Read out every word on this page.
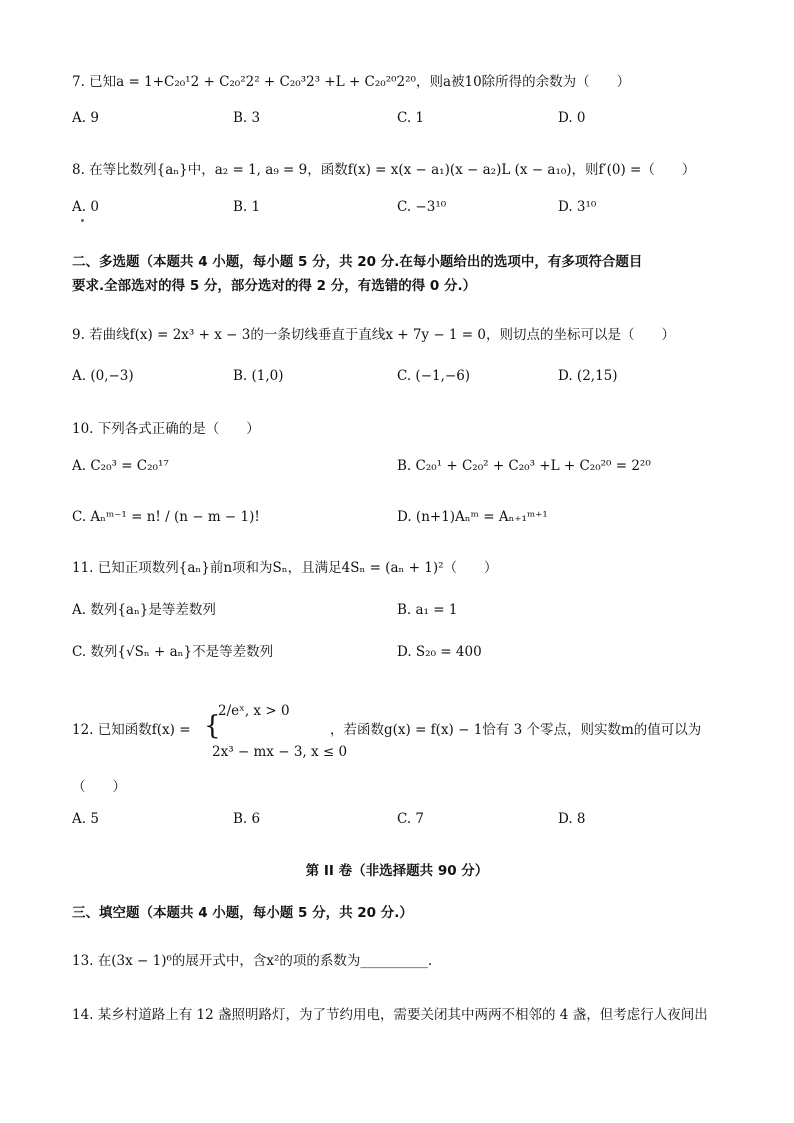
7. 已知a = 1+C₂₀¹2 + C₂₀²2² + C₂₀³2³ +L + C₂₀²⁰2²⁰，则a被10除所得的余数为（　　）
A. 9	B. 3	C. 1	D. 0
8. 在等比数列{aₙ}中，a₂ = 1, a₉ = 9，函数f(x) = x(x − a₁)(x − a₂)L (x − a₁₀)，则f′(0) =（　　）
A. 0	B. 1	C. −3¹⁰	D. 3¹⁰
二、多选题（本题共 4 小题，每小题 5 分，共 20 分.在每小题给出的选项中，有多项符合题目
要求.全部选对的得 5 分，部分选对的得 2 分，有选错的得 0 分.）
9. 若曲线f(x) = 2x³ + x − 3的一条切线垂直于直线x + 7y − 1 = 0，则切点的坐标可以是（　　）
A. (0,−3)	B. (1,0)	C. (−1,−6)	D. (2,15)
10. 下列各式正确的是（　　）
A. C₂₀³ = C₂₀¹⁷	B. C₂₀¹ + C₂₀² + C₂₀³ +L + C₂₀²⁰ = 2²⁰
C. Aₙᵐ⁻¹ = n! / (n − m − 1)!	D. (n+1)Aₙᵐ = Aₙ₊₁ᵐ⁺¹
11. 已知正项数列{aₙ}前n项和为Sₙ，且满足4Sₙ = (aₙ + 1)²（　　）
A. 数列{aₙ}是等差数列	B. a₁ = 1
C. 数列{√Sₙ + aₙ}不是等差数列	D. S₂₀ = 400
12. 已知函数f(x) = {
2/eˣ, x > 0
2x³ − mx − 3, x ≤ 0
，若函数g(x) = f(x) − 1恰有 3 个零点，则实数m的值可以为
（　　）
A. 5	B. 6	C. 7	D. 8
第 II 卷（非选择题共 90 分）
三、填空题（本题共 4 小题，每小题 5 分，共 20 分.）
13. 在(3x − 1)⁶的展开式中，含x²的项的系数为__________.
14. 某乡村道路上有 12 盏照明路灯，为了节约用电，需要关闭其中两两不相邻的 4 盏，但考虑行人夜间出
